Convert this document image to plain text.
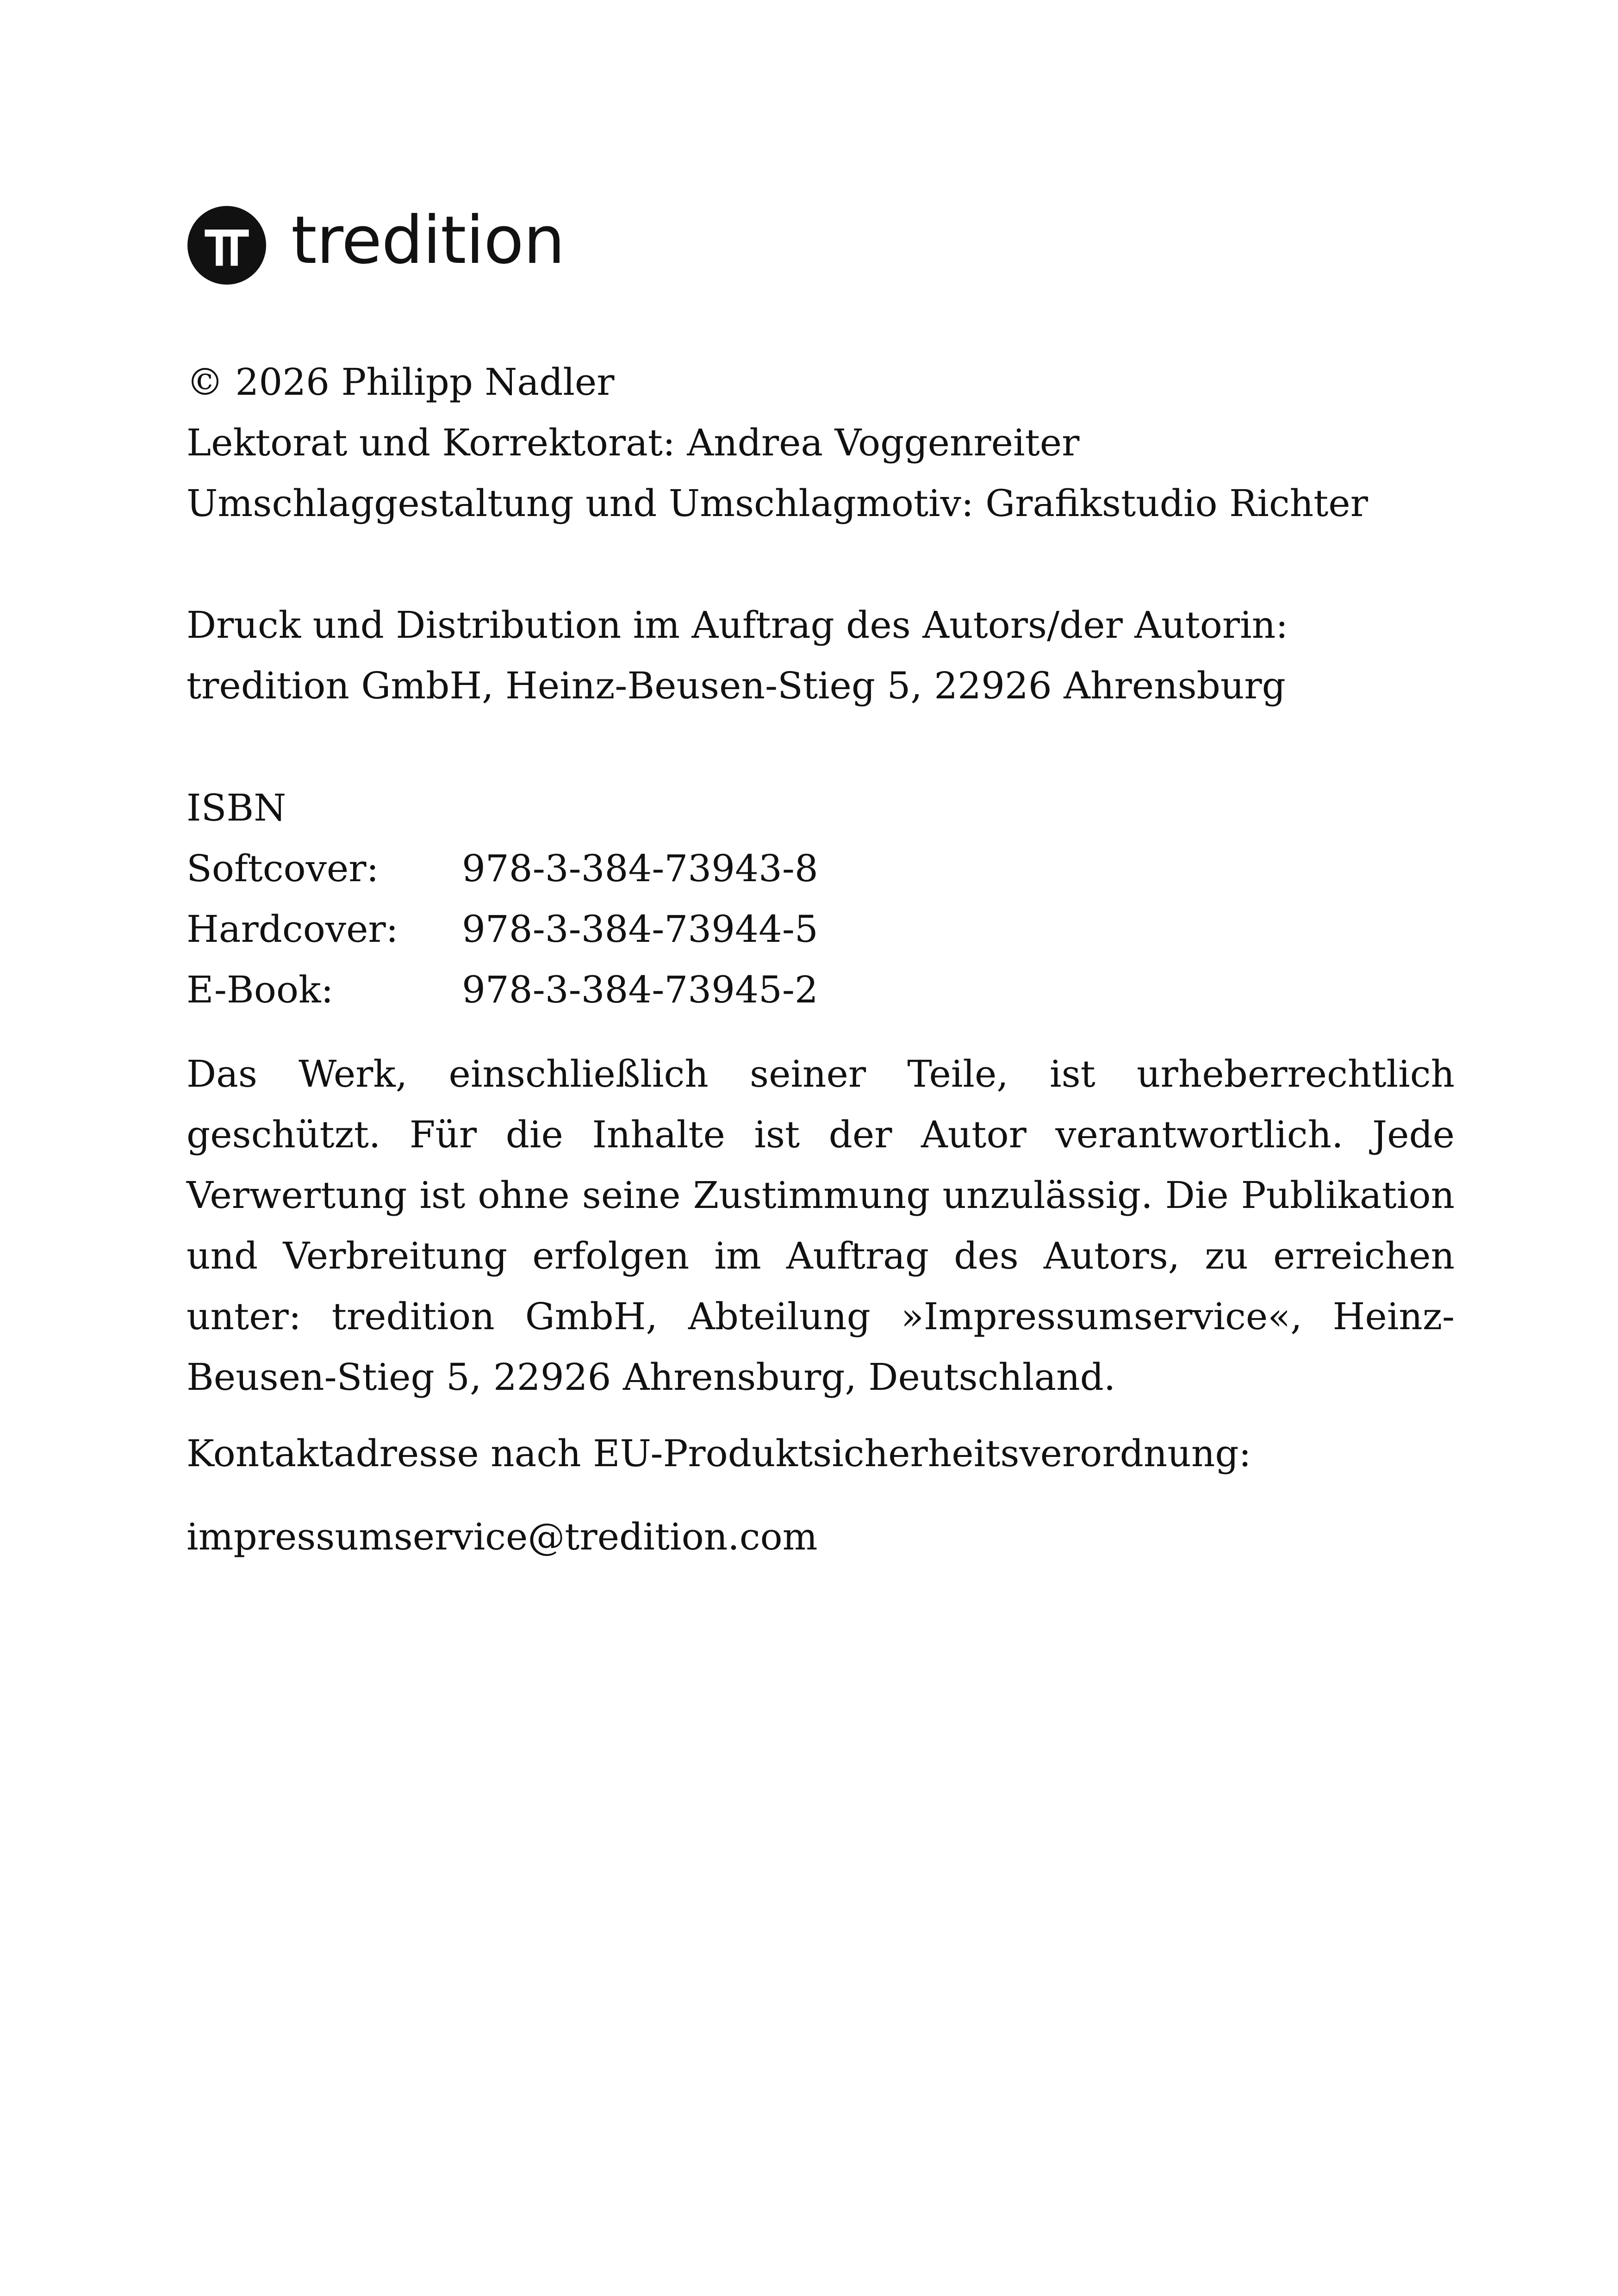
tredition

© 2026 Philipp Nadler
Lektorat und Korrektorat: Andrea Voggenreiter
Umschlaggestaltung und Umschlagmotiv: Grafikstudio Richter

Druck und Distribution im Auftrag des Autors/der Autorin:
tredition GmbH, Heinz-Beusen-Stieg 5, 22926 Ahrensburg

ISBN

Softcover:	978-3-384-73943-8
Hardcover:	978-3-384-73944-5
E-Book:	978-3-384-73945-2

Das Werk, einschließlich seiner Teile, ist urheberrechtlich geschützt. Für die Inhalte ist der Autor verantwortlich. Jede Verwertung ist ohne seine Zustimmung unzulässig. Die Publikation und Verbreitung erfolgen im Auftrag des Autors, zu erreichen unter: tredition GmbH, Abteilung »Impressumservice«, Heinz-Beusen-Stieg 5, 22926 Ahrensburg, Deutschland.

Kontaktadresse nach EU-Produktsicherheitsverordnung:

impressumservice@tredition.com
